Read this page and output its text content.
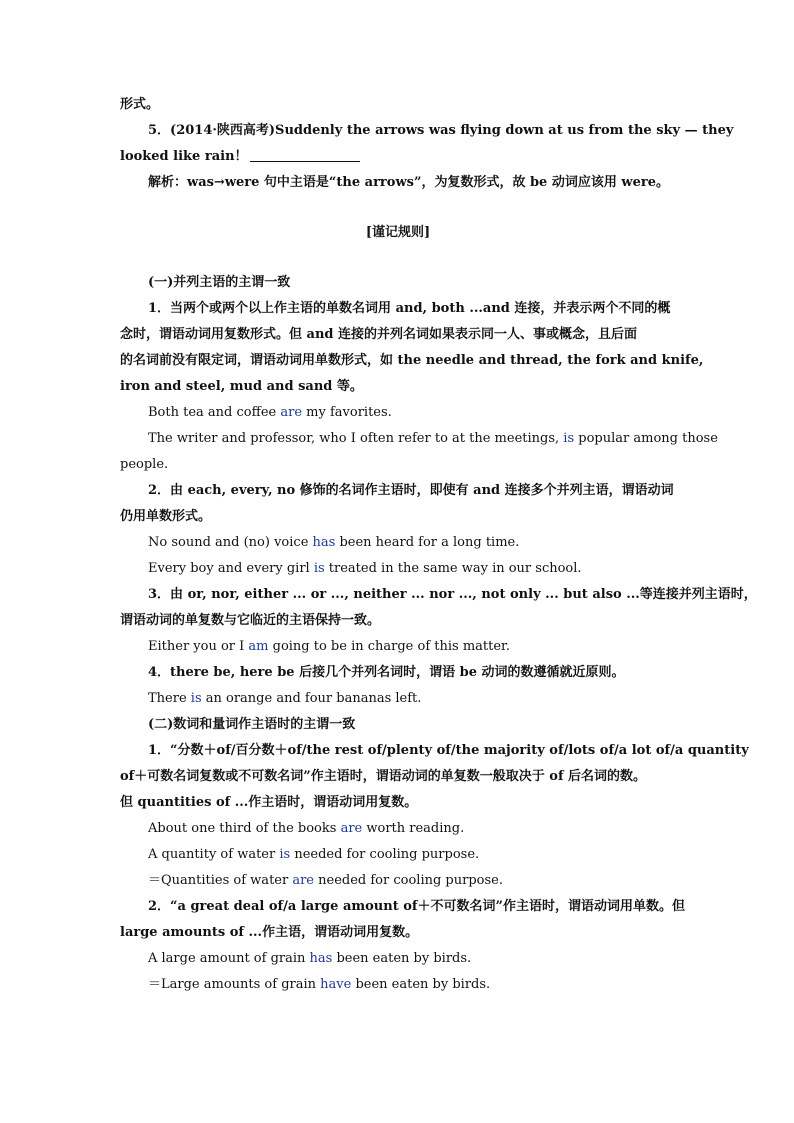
形式。
5．(2014·陕西高考)Suddenly the arrows was flying down at us from the sky — they
looked like rain！
解析：was→were 句中主语是“the arrows”，为复数形式，故 be 动词应该用 were。
[谨记规则]
(一)并列主语的主谓一致
1．当两个或两个以上作主语的单数名词用 and, both ...and 连接，并表示两个不同的概
念时，谓语动词用复数形式。但 and 连接的并列名词如果表示同一人、事或概念，且后面
的名词前没有限定词，谓语动词用单数形式，如 the needle and thread, the fork and knife,
iron and steel, mud and sand 等。
Both tea and coffee are my favorites.
The writer and professor, who I often refer to at the meetings, is popular among those
people.
2．由 each, every, no 修饰的名词作主语时，即使有 and 连接多个并列主语，谓语动词
仍用单数形式。
No sound and (no) voice has been heard for a long time.
Every boy and every girl is treated in the same way in our school.
3．由 or, nor, either ... or ..., neither ... nor ..., not only ... but also ...等连接并列主语时，
谓语动词的单复数与它临近的主语保持一致。
Either you or I am going to be in charge of this matter.
4．there be, here be 后接几个并列名词时，谓语 be 动词的数遵循就近原则。
There is an orange and four bananas left.
(二)数词和量词作主语时的主谓一致
1．“分数＋of/百分数＋of/the rest of/plenty of/the majority of/lots of/a lot of/a quantity
of＋可数名词复数或不可数名词”作主语时，谓语动词的单复数一般取决于 of 后名词的数。
但 quantities of ...作主语时，谓语动词用复数。
About one third of the books are worth reading.
A quantity of water is needed for cooling purpose.
＝Quantities of water are needed for cooling purpose.
2．“a great deal of/a large amount of＋不可数名词”作主语时，谓语动词用单数。但
large amounts of ...作主语，谓语动词用复数。
A large amount of grain has been eaten by birds.
＝Large amounts of grain have been eaten by birds.
